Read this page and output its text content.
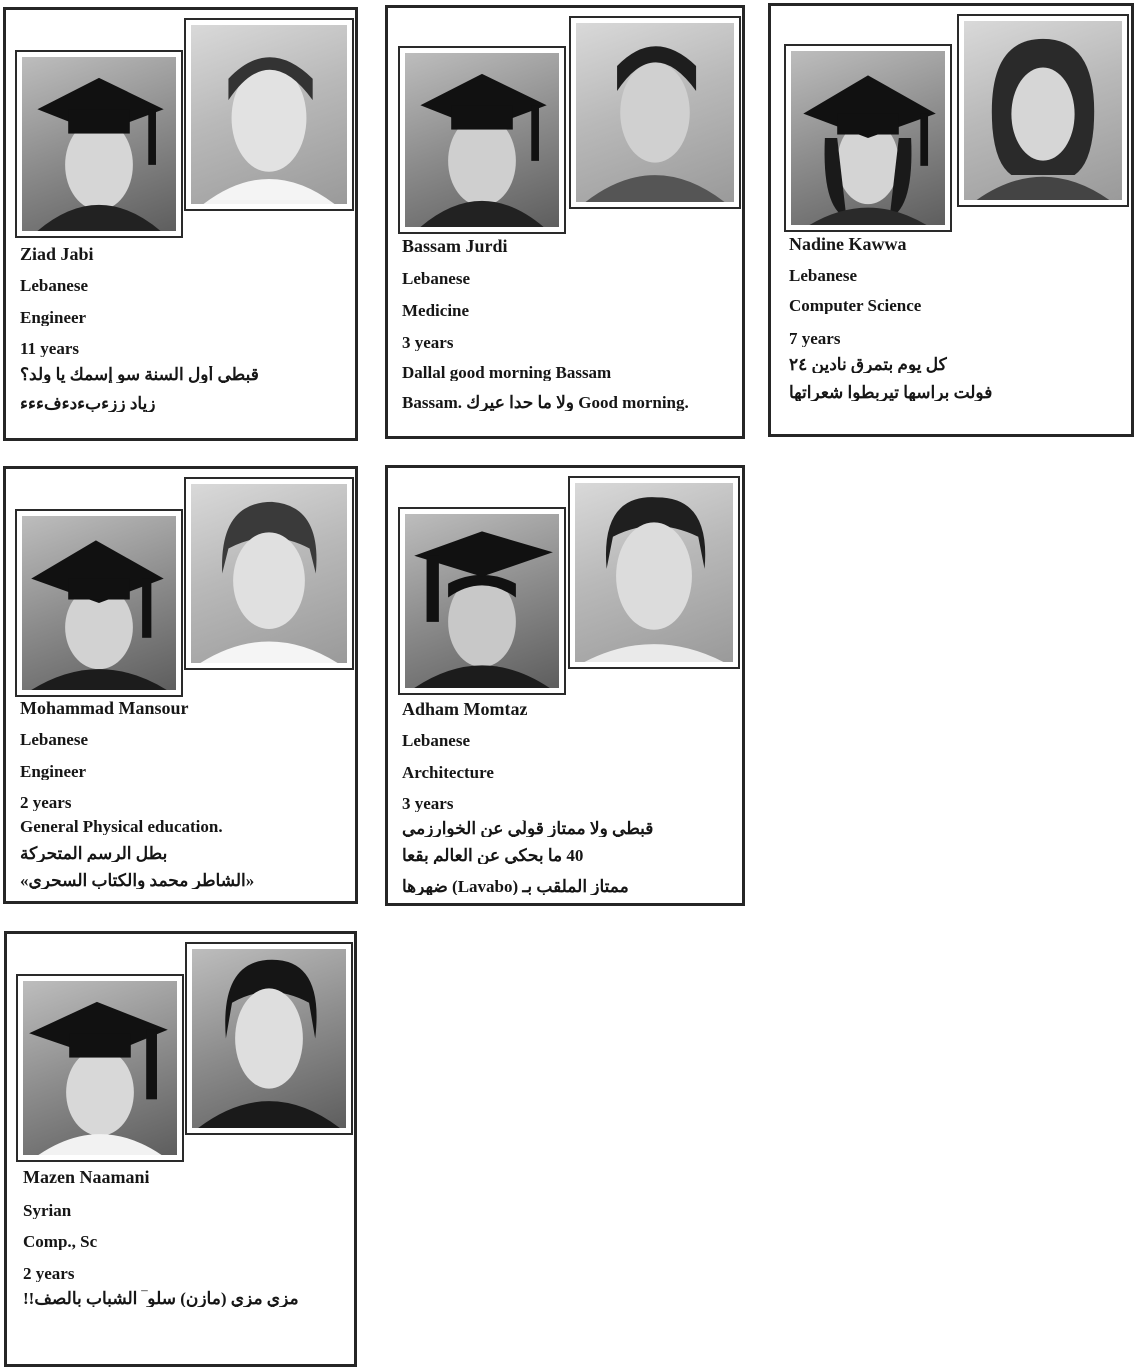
Ziad Jabi
Lebanese
Engineer
11 years
قبطي أول السنة سو إسمك يا ولد؟
زياد ززءبءدءفءءء
Bassam Jurdi
Lebanese
Medicine
3 years
Dallal good morning Bassam
Bassam. ولا ما حدا عيرك Good morning.
Nadine Kawwa
Lebanese
Computer Science
7 years
كل يوم بتمرق نادين ٢٤
فولت براسها تيربطوا شعراتها
Mohammad Mansour
Lebanese
Engineer
2 years
General Physical education.
بطل الرسم المتحركة
«الشاطر محمد والكتاب السحري»
Adham Momtaz
Lebanese
Architecture
3 years
قبطي ولا ممتاز قولّي عن الخوارزمي
40 ما بحكي عن العالم بقعا
ممتاز الملقب بـ (Lavabo) ضهرها
Mazen Naamani
Syrian
Comp., Sc
2 years
مزي مزي (مازن) سلو‾ الشباب بالصف!!
